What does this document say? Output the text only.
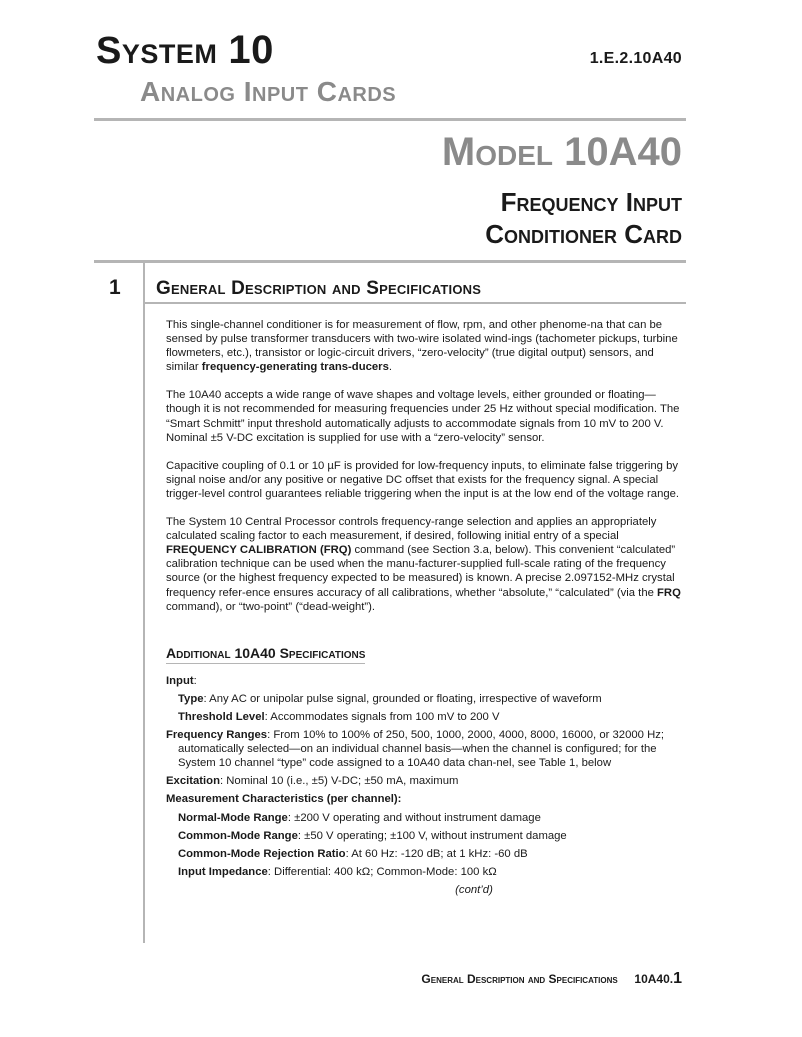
System 10	1.E.2.10A40
Analog Input Cards
Model 10A40
Frequency Input
Conditioner Card
1 General Description and Specifications

This single-channel conditioner is for measurement of flow, rpm, and other phenome-na that can be sensed by pulse transformer transducers with two-wire isolated wind-ings (tachometer pickups, turbine flowmeters, etc.), transistor or logic-circuit drivers, “zero-velocity” (true digital output) sensors, and similar frequency-generating trans-ducers.

The 10A40 accepts a wide range of wave shapes and voltage levels, either grounded or floating—though it is not recommended for measuring frequencies under 25 Hz without special modification. The “Smart Schmitt” input threshold automatically adjusts to accommodate signals from 10 mV to 200 V. Nominal ±5 V-DC excitation is supplied for use with a “zero-velocity” sensor.

Capacitive coupling of 0.1 or 10 µF is provided for low-frequency inputs, to eliminate false triggering by signal noise and/or any positive or negative DC offset that exists for the frequency signal. A special trigger-level control guarantees reliable triggering when the input is at the low end of the voltage range.

The System 10 Central Processor controls frequency-range selection and applies an appropriately calculated scaling factor to each measurement, if desired, following initial entry of a special FREQUENCY CALIBRATION (FRQ) command (see Section 3.a, below). This convenient “calculated” calibration technique can be used when the manu-facturer-supplied full-scale rating of the frequency source (or the highest frequency expected to be measured) is known. A precise 2.097152-MHz crystal frequency refer-ence ensures accuracy of all calibrations, whether “absolute,” “calculated” (via the FRQ command), or “two-point” (“dead-weight”).

Additional 10A40 Specifications
Input:
Type: Any AC or unipolar pulse signal, grounded or floating, irrespective of waveform
Threshold Level: Accommodates signals from 100 mV to 200 V
Frequency Ranges: From 10% to 100% of 250, 500, 1000, 2000, 4000, 8000, 16000, or 32000 Hz; automatically selected—on an individual channel basis—when the channel is configured; for the System 10 channel “type” code assigned to a 10A40 data chan-nel, see Table 1, below
Excitation: Nominal 10 (i.e., ±5) V-DC; ±50 mA, maximum
Measurement Characteristics (per channel):
Normal-Mode Range: ±200 V operating and without instrument damage
Common-Mode Range: ±50 V operating; ±100 V, without instrument damage
Common-Mode Rejection Ratio: At 60 Hz: -120 dB; at 1 kHz: -60 dB
Input Impedance: Differential: 400 kΩ; Common-Mode: 100 kΩ
(cont’d)
General Description and Specifications 10A40.1
